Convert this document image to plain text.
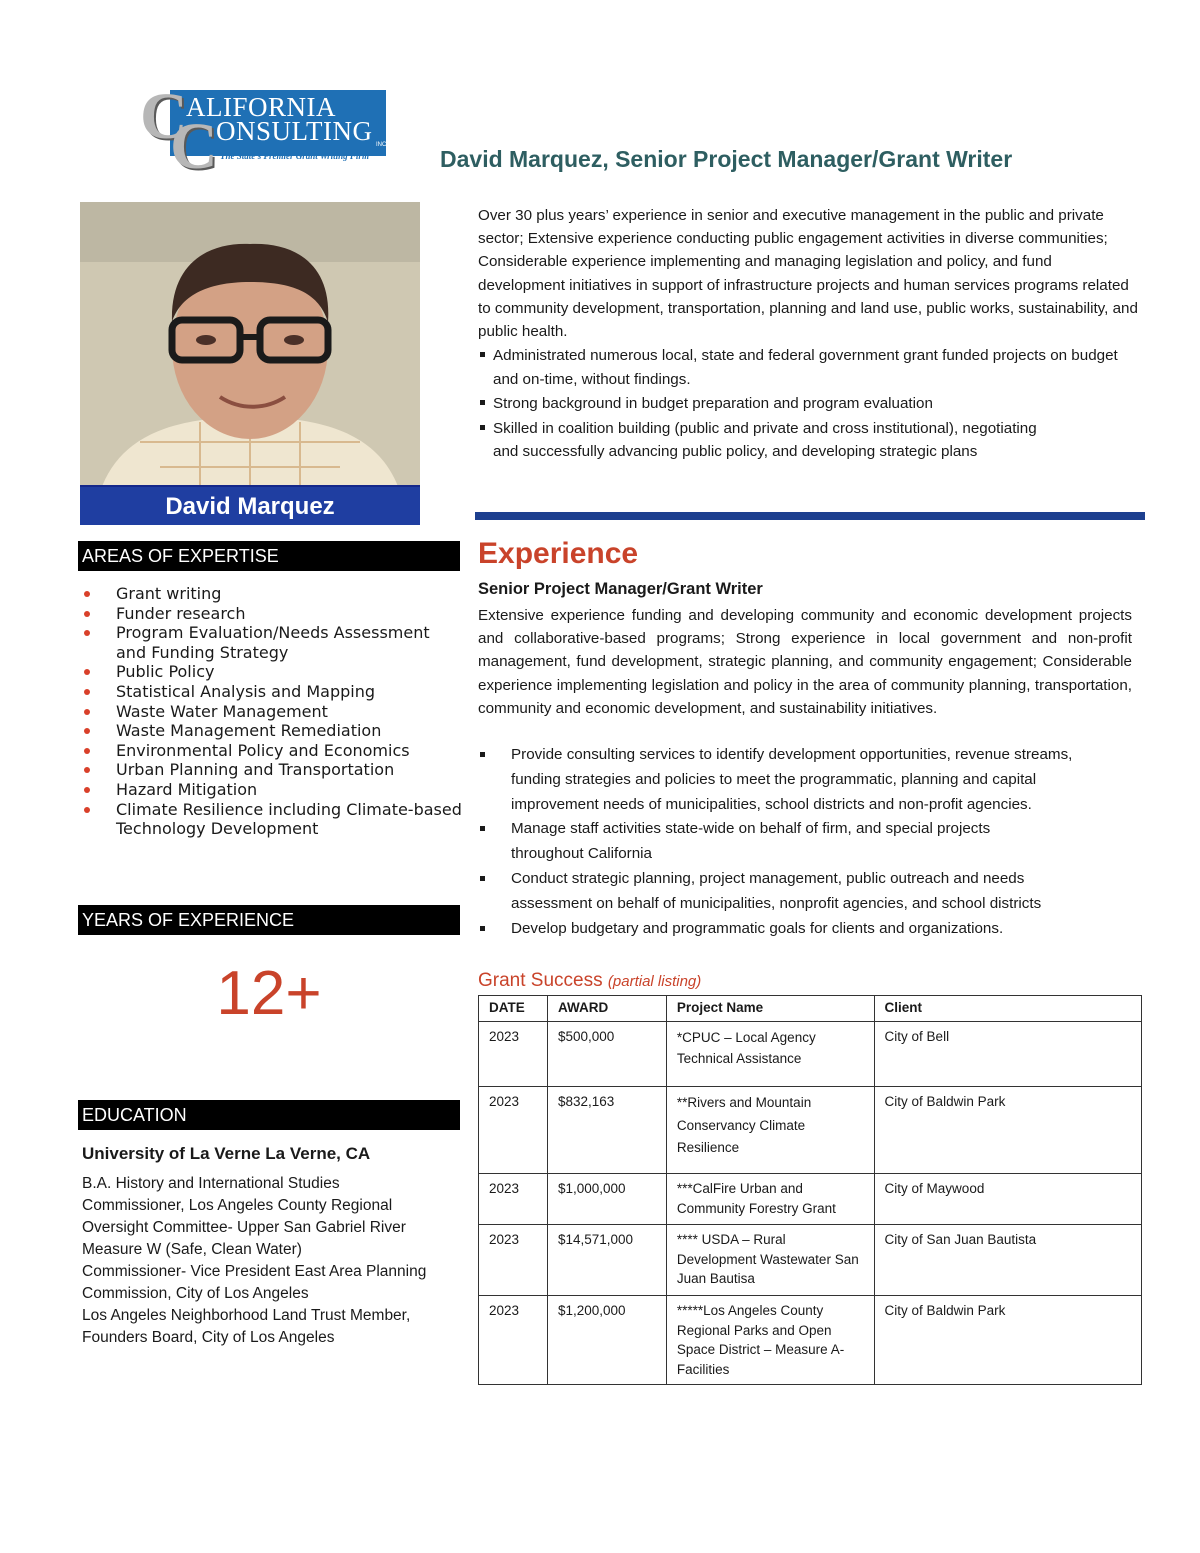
C
C
ALIFORNIA
ONSULTING INC.
The State's Premier Grant Writing Firm	David Marquez, Senior Project Manager/Grant Writer
David Marquez

Over 30 plus years’ experience in senior and executive management in the public and private sector; Extensive experience conducting public engagement activities in diverse communities; Considerable experience implementing and managing legislation and policy, and fund development initiatives in support of infrastructure projects and human services programs related to community development, transportation, planning and land use, public works, sustainability, and public health.

Administrated numerous local, state and federal government grant funded projects on budget and on-time, without findings.
Strong background in budget preparation and program evaluation
Skilled in coalition building (public and private and cross institutional), negotiating and successfully advancing public policy, and developing strategic plans
AREAS OF EXPERTISE
Grant writing
Funder research
Program Evaluation/Needs Assessment and Funding Strategy
Public Policy
Statistical Analysis and Mapping
Waste Water Management
Waste Management Remediation
Environmental Policy and Economics
Urban Planning and Transportation
Hazard Mitigation
Climate Resilience including Climate-based Technology Development
YEARS OF EXPERIENCE
12+
EDUCATION
University of La Verne La Verne, CA
B.A. History and International Studies
Commissioner, Los Angeles County Regional
Oversight Committee- Upper San Gabriel River
Measure W (Safe, Clean Water)
Commissioner- Vice President East Area Planning
Commission, City of Los Angeles
Los Angeles Neighborhood Land Trust Member,
Founders Board, City of Los Angeles
Experience
Senior Project Manager/Grant Writer

Extensive experience funding and developing community and economic development projects and collaborative-based programs; Strong experience in local government and non-profit management, fund development, strategic planning, and community engagement; Considerable experience implementing legislation and policy in the area of community planning, transportation, community and economic development, and sustainability initiatives.

Provide consulting services to identify development opportunities, revenue streams, funding strategies and policies to meet the programmatic, planning and capital improvement needs of municipalities, school districts and non-profit agencies.
Manage staff activities state-wide on behalf of firm, and special projects throughout California
Conduct strategic planning, project management, public outreach and needs assessment on behalf of municipalities, nonprofit agencies, and school districts
Develop budgetary and programmatic goals for clients and organizations.
Grant Success (partial listing)
DATE	AWARD	Project Name	Client
2023	$500,000	*CPUC – Local Agency Technical Assistance	City of Bell
2023	$832,163	**Rivers and Mountain Conservancy Climate Resilience	City of Baldwin Park
2023	$1,000,000	***CalFire Urban and Community Forestry Grant	City of Maywood
2023	$14,571,000	**** USDA – Rural Development Wastewater San Juan Bautisa	City of San Juan Bautista
2023	$1,200,000	*****Los Angeles County Regional Parks and Open Space District – Measure A-Facilities	City of Baldwin Park
